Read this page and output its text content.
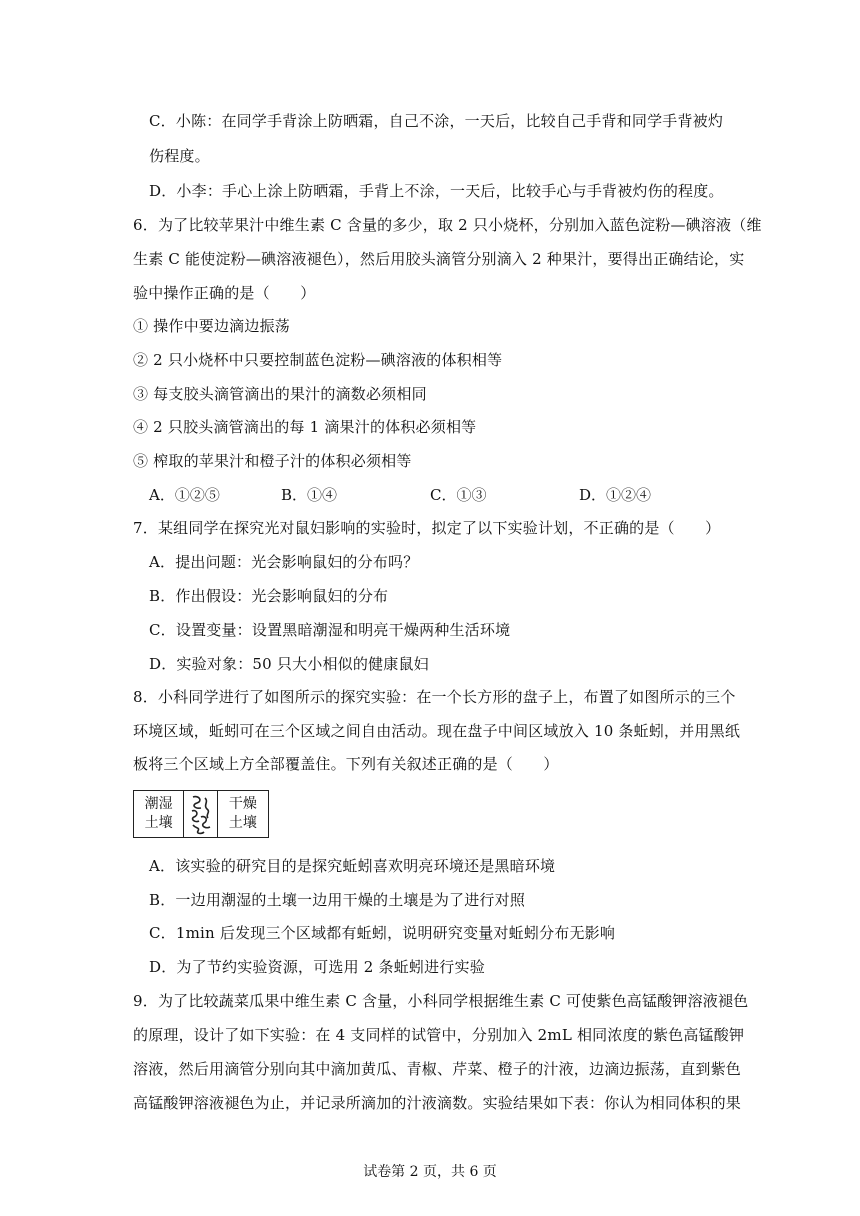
C．小陈：在同学手背涂上防晒霜，自己不涂，一天后，比较自己手背和同学手背被灼
伤程度。
D．小李：手心上涂上防晒霜，手背上不涂，一天后，比较手心与手背被灼伤的程度。
6．为了比较苹果汁中维生素 C 含量的多少，取 2 只小烧杯，分别加入蓝色淀粉—碘溶液（维
生素 C 能使淀粉—碘溶液褪色），然后用胶头滴管分别滴入 2 种果汁，要得出正确结论，实
验中操作正确的是（　　）
① 操作中要边滴边振荡
② 2 只小烧杯中只要控制蓝色淀粉—碘溶液的体积相等
③ 每支胶头滴管滴出的果汁的滴数必须相同
④ 2 只胶头滴管滴出的每 1 滴果汁的体积必须相等
⑤ 榨取的苹果汁和橙子汁的体积必须相等
A．①②⑤	B．①④	C．①③	D．①②④
7．某组同学在探究光对鼠妇影响的实验时，拟定了以下实验计划，不正确的是（　　）
A．提出问题：光会影响鼠妇的分布吗？
B．作出假设：光会影响鼠妇的分布
C．设置变量：设置黑暗潮湿和明亮干燥两种生活环境
D．实验对象：50 只大小相似的健康鼠妇
8．小科同学进行了如图所示的探究实验：在一个长方形的盘子上，布置了如图所示的三个
环境区域，蚯蚓可在三个区域之间自由活动。现在盘子中间区域放入 10 条蚯蚓，并用黑纸
板将三个区域上方全部覆盖住。下列有关叙述正确的是（　　）
潮湿
土壤
干燥
土壤
A．该实验的研究目的是探究蚯蚓喜欢明亮环境还是黑暗环境
B．一边用潮湿的土壤一边用干燥的土壤是为了进行对照
C．1min 后发现三个区域都有蚯蚓，说明研究变量对蚯蚓分布无影响
D．为了节约实验资源，可选用 2 条蚯蚓进行实验
9．为了比较蔬菜瓜果中维生素 C 含量，小科同学根据维生素 C 可使紫色高锰酸钾溶液褪色
的原理，设计了如下实验：在 4 支同样的试管中，分别加入 2mL 相同浓度的紫色高锰酸钾
溶液，然后用滴管分别向其中滴加黄瓜、青椒、芹菜、橙子的汁液，边滴边振荡，直到紫色
高锰酸钾溶液褪色为止，并记录所滴加的汁液滴数。实验结果如下表：你认为相同体积的果
试卷第 2 页，共 6 页
